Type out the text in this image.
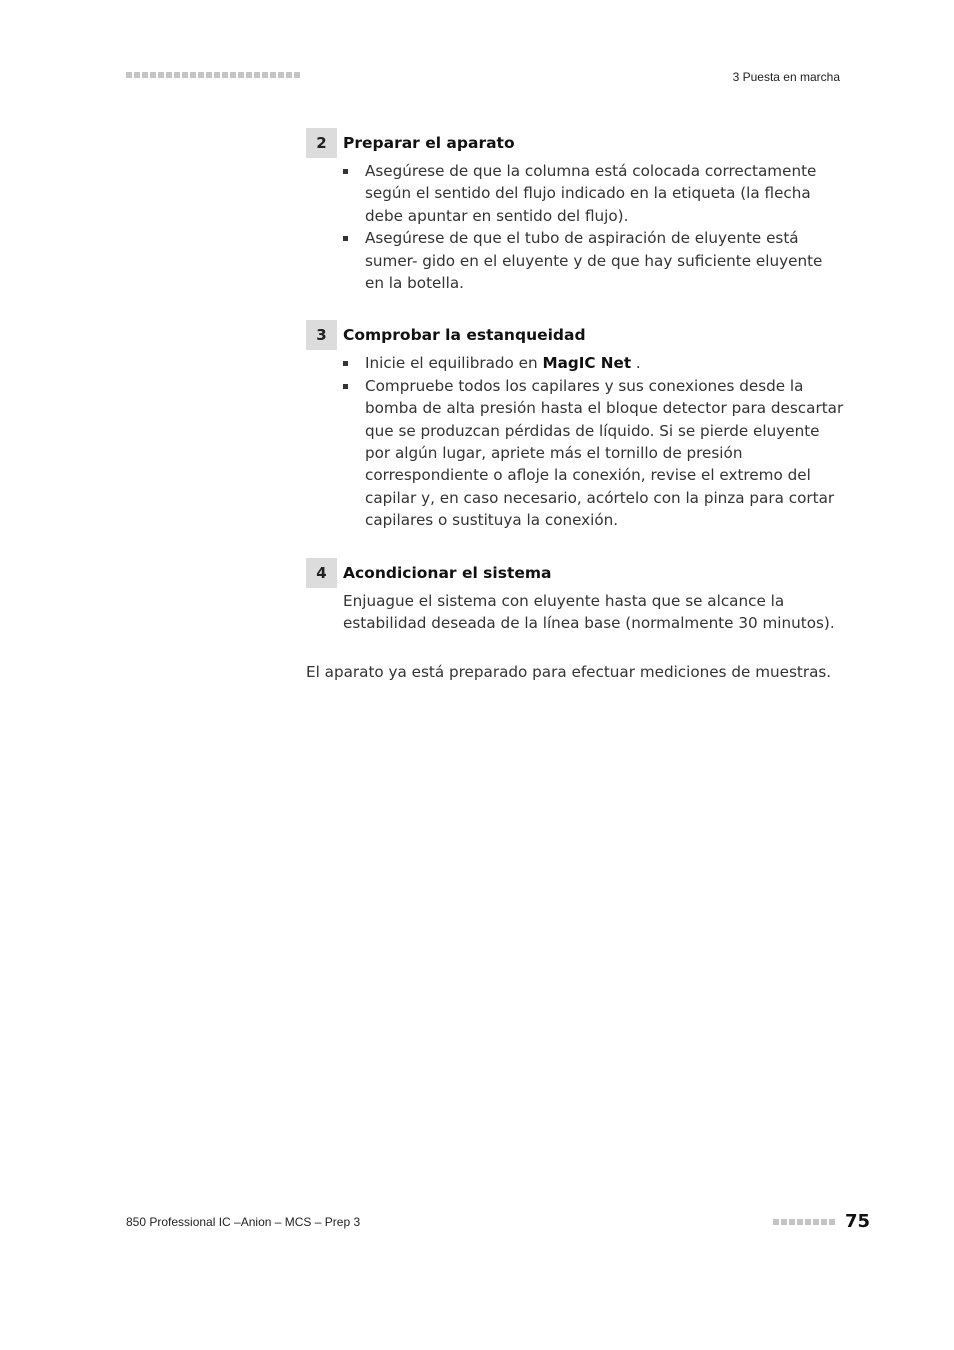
3 Puesta en marcha
2	Preparar el aparato
Asegúrese de que la columna está colocada correctamente según el sentido del flujo indicado en la etiqueta (la flecha debe apuntar en sentido del flujo).
Asegúrese de que el tubo de aspiración de eluyente está sumer- gido en el eluyente y de que hay suficiente eluyente en la botella.
3	Comprobar la estanqueidad
Inicie el equilibrado en MagIC Net .
Compruebe todos los capilares y sus conexiones desde la bomba de alta presión hasta el bloque detector para descartar que se produzcan pérdidas de líquido. Si se pierde eluyente por algún lugar, apriete más el tornillo de presión correspondiente o afloje la conexión, revise el extremo del capilar y, en caso necesario, acórtelo con la pinza para cortar capilares o sustituya la conexión.
4	Acondicionar el sistema

Enjuague el sistema con eluyente hasta que se alcance la estabilidad deseada de la línea base (normalmente 30 minutos).

El aparato ya está preparado para efectuar mediciones de muestras.
850 Professional IC –Anion – MCS – Prep 3	75
